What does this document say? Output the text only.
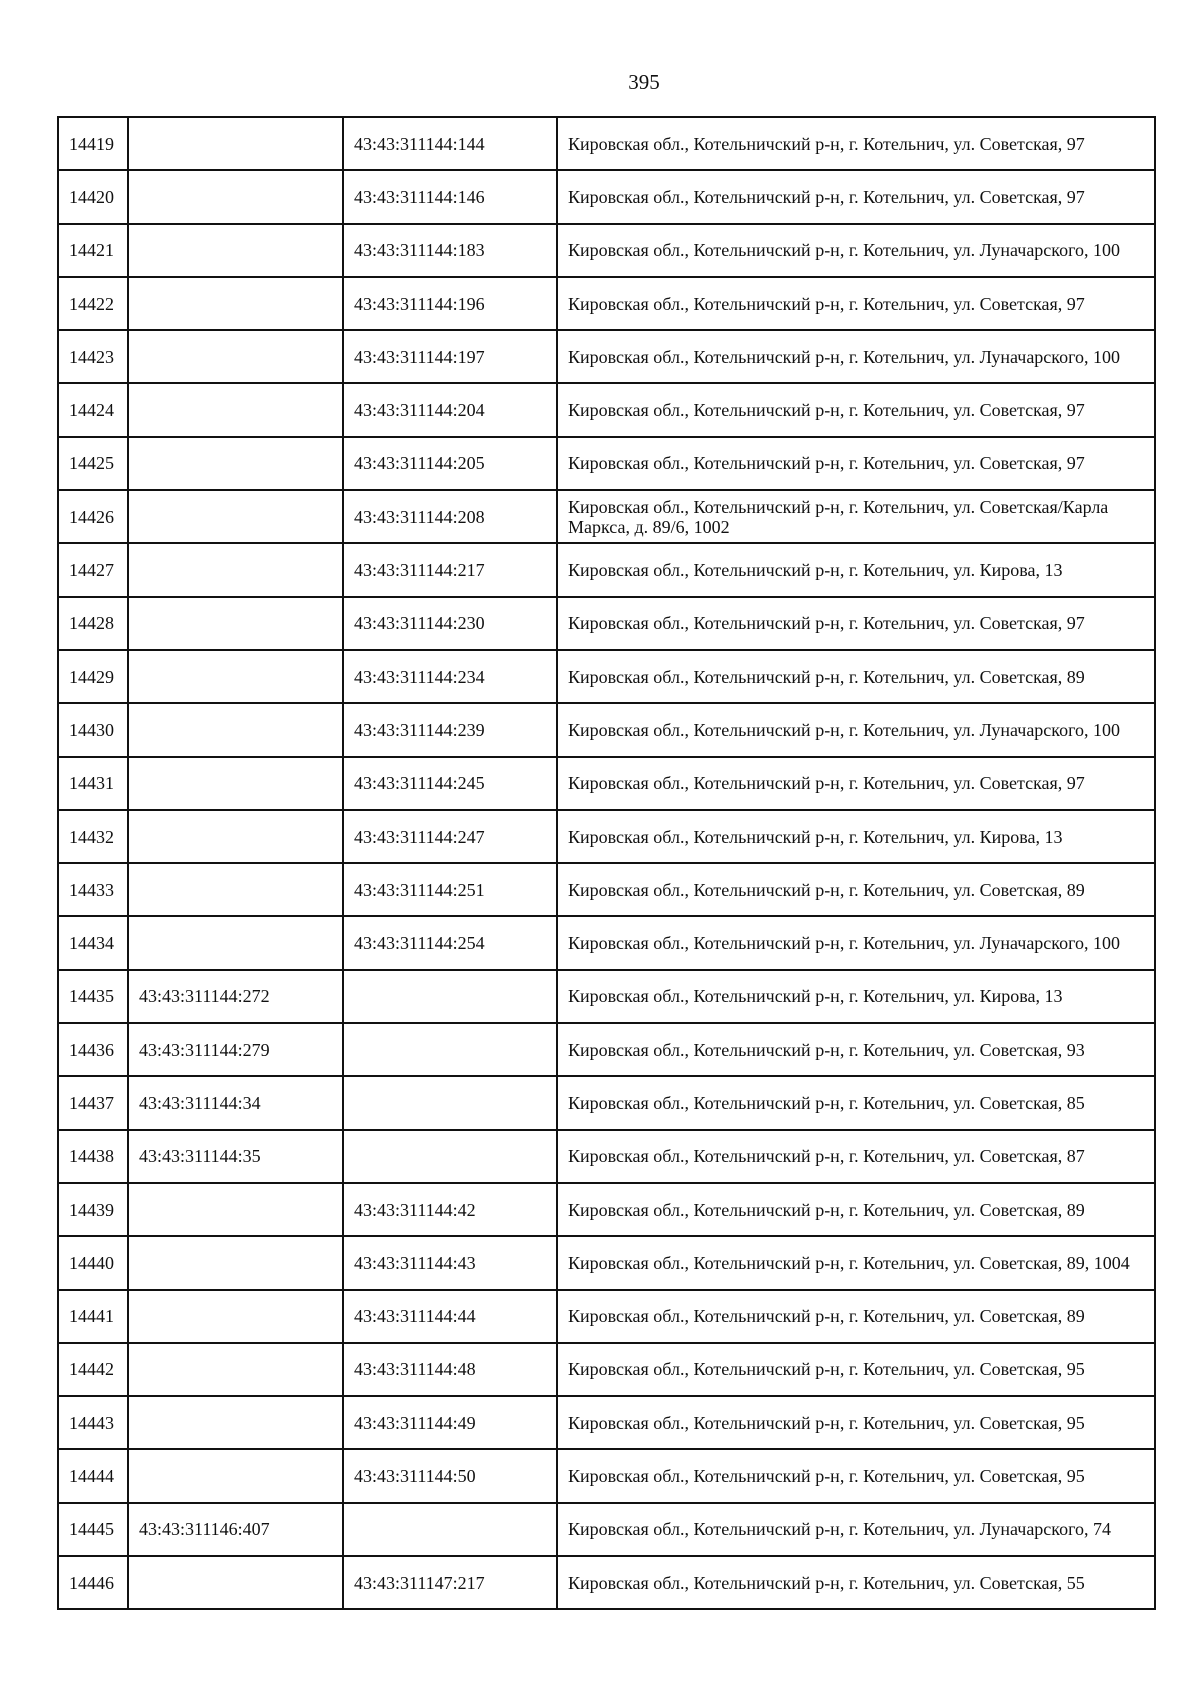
395
14419		43:43:311144:144	Кировская обл., Котельничский р-н, г. Котельнич, ул. Советская, 97
14420		43:43:311144:146	Кировская обл., Котельничский р-н, г. Котельнич, ул. Советская, 97
14421		43:43:311144:183	Кировская обл., Котельничский р-н, г. Котельнич, ул. Луначарского, 100
14422		43:43:311144:196	Кировская обл., Котельничский р-н, г. Котельнич, ул. Советская, 97
14423		43:43:311144:197	Кировская обл., Котельничский р-н, г. Котельнич, ул. Луначарского, 100
14424		43:43:311144:204	Кировская обл., Котельничский р-н, г. Котельнич, ул. Советская, 97
14425		43:43:311144:205	Кировская обл., Котельничский р-н, г. Котельнич, ул. Советская, 97
14426		43:43:311144:208	Кировская обл., Котельничский р-н, г. Котельнич, ул. Советская/Карла Маркса, д. 89/6, 1002
14427		43:43:311144:217	Кировская обл., Котельничский р-н, г. Котельнич, ул. Кирова, 13
14428		43:43:311144:230	Кировская обл., Котельничский р-н, г. Котельнич, ул. Советская, 97
14429		43:43:311144:234	Кировская обл., Котельничский р-н, г. Котельнич, ул. Советская, 89
14430		43:43:311144:239	Кировская обл., Котельничский р-н, г. Котельнич, ул. Луначарского, 100
14431		43:43:311144:245	Кировская обл., Котельничский р-н, г. Котельнич, ул. Советская, 97
14432		43:43:311144:247	Кировская обл., Котельничский р-н, г. Котельнич, ул. Кирова, 13
14433		43:43:311144:251	Кировская обл., Котельничский р-н, г. Котельнич, ул. Советская, 89
14434		43:43:311144:254	Кировская обл., Котельничский р-н, г. Котельнич, ул. Луначарского, 100
14435	43:43:311144:272		Кировская обл., Котельничский р-н, г. Котельнич, ул. Кирова, 13
14436	43:43:311144:279		Кировская обл., Котельничский р-н, г. Котельнич, ул. Советская, 93
14437	43:43:311144:34		Кировская обл., Котельничский р-н, г. Котельнич, ул. Советская, 85
14438	43:43:311144:35		Кировская обл., Котельничский р-н, г. Котельнич, ул. Советская, 87
14439		43:43:311144:42	Кировская обл., Котельничский р-н, г. Котельнич, ул. Советская, 89
14440		43:43:311144:43	Кировская обл., Котельничский р-н, г. Котельнич, ул. Советская, 89, 1004
14441		43:43:311144:44	Кировская обл., Котельничский р-н, г. Котельнич, ул. Советская, 89
14442		43:43:311144:48	Кировская обл., Котельничский р-н, г. Котельнич, ул. Советская, 95
14443		43:43:311144:49	Кировская обл., Котельничский р-н, г. Котельнич, ул. Советская, 95
14444		43:43:311144:50	Кировская обл., Котельничский р-н, г. Котельнич, ул. Советская, 95
14445	43:43:311146:407		Кировская обл., Котельничский р-н, г. Котельнич, ул. Луначарского, 74
14446		43:43:311147:217	Кировская обл., Котельничский р-н, г. Котельнич, ул. Советская, 55
